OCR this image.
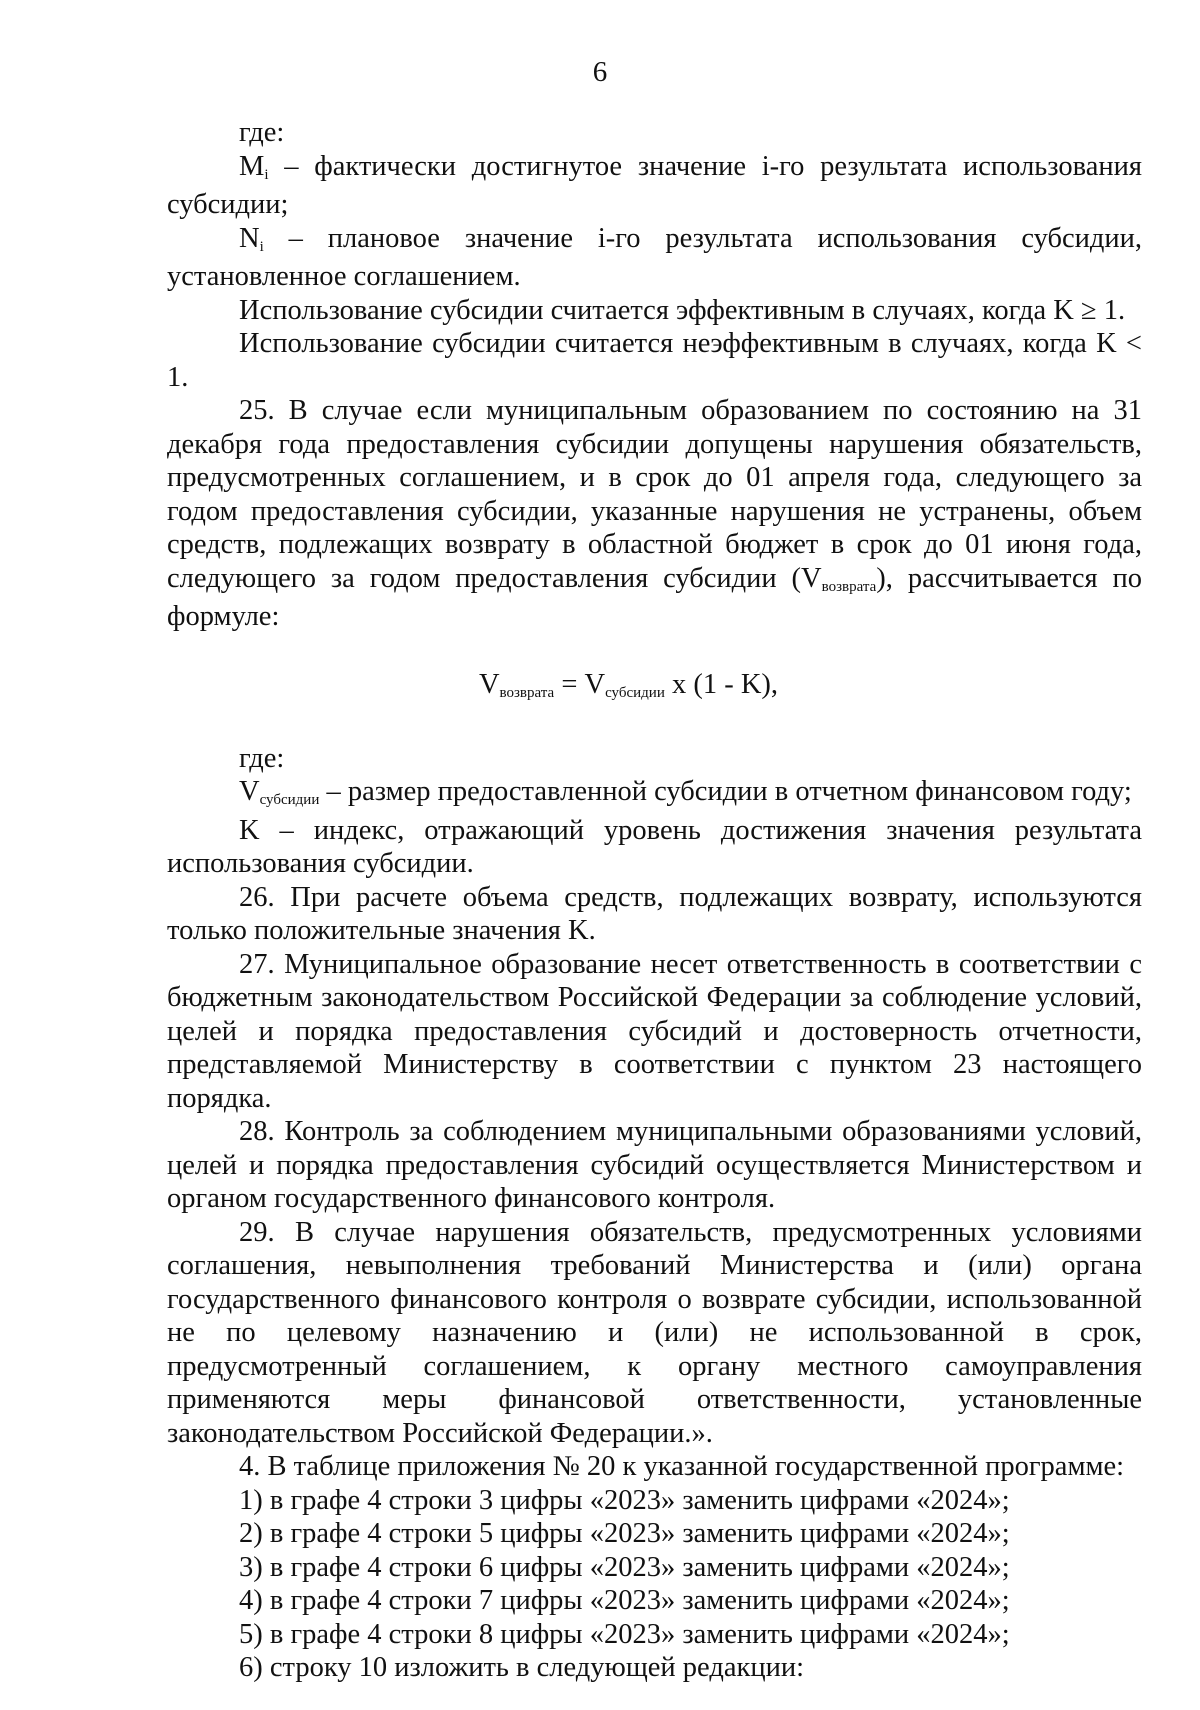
6

где:

Mi – фактически достигнутое значение i-го результата использования субсидии;

Ni – плановое значение i-го результата использования субсидии, установленное соглашением.

Использование субсидии считается эффективным в случаях, когда K ≥ 1.

Использование субсидии считается неэффективным в случаях, когда K < 1.

25. В случае если муниципальным образованием по состоянию на 31 декабря года предоставления субсидии допущены нарушения обязательств, предусмотренных соглашением, и в срок до 01 апреля года, следующего за годом предоставления субсидии, указанные нарушения не устранены, объем средств, подлежащих возврату в областной бюджет в срок до 01 июня года, следующего за годом предоставления субсидии (Vвозврата), рассчитывается по формуле:

Vвозврата = Vсубсидии x (1 - K),

где:

Vсубсидии – размер предоставленной субсидии в отчетном финансовом году;

K – индекс, отражающий уровень достижения значения результата использования субсидии.

26. При расчете объема средств, подлежащих возврату, используются только положительные значения K.

27. Муниципальное образование несет ответственность в соответствии с бюджетным законодательством Российской Федерации за соблюдение условий, целей и порядка предоставления субсидий и достоверность отчетности, представляемой Министерству в соответствии с пунктом 23 настоящего порядка.

28. Контроль за соблюдением муниципальными образованиями условий, целей и порядка предоставления субсидий осуществляется Министерством и органом государственного финансового контроля.

29. В случае нарушения обязательств, предусмотренных условиями соглашения, невыполнения требований Министерства и (или) органа государственного финансового контроля о возврате субсидии, использованной не по целевому назначению и (или) не использованной в срок, предусмотренный соглашением, к органу местного самоуправления применяются меры финансовой ответственности, установленные законодательством Российской Федерации.».

4. В таблице приложения № 20 к указанной государственной программе:

1) в графе 4 строки 3 цифры «2023» заменить цифрами «2024»;

2) в графе 4 строки 5 цифры «2023» заменить цифрами «2024»;

3) в графе 4 строки 6 цифры «2023» заменить цифрами «2024»;

4) в графе 4 строки 7 цифры «2023» заменить цифрами «2024»;

5) в графе 4 строки 8 цифры «2023» заменить цифрами «2024»;

6) строку 10 изложить в следующей редакции:
